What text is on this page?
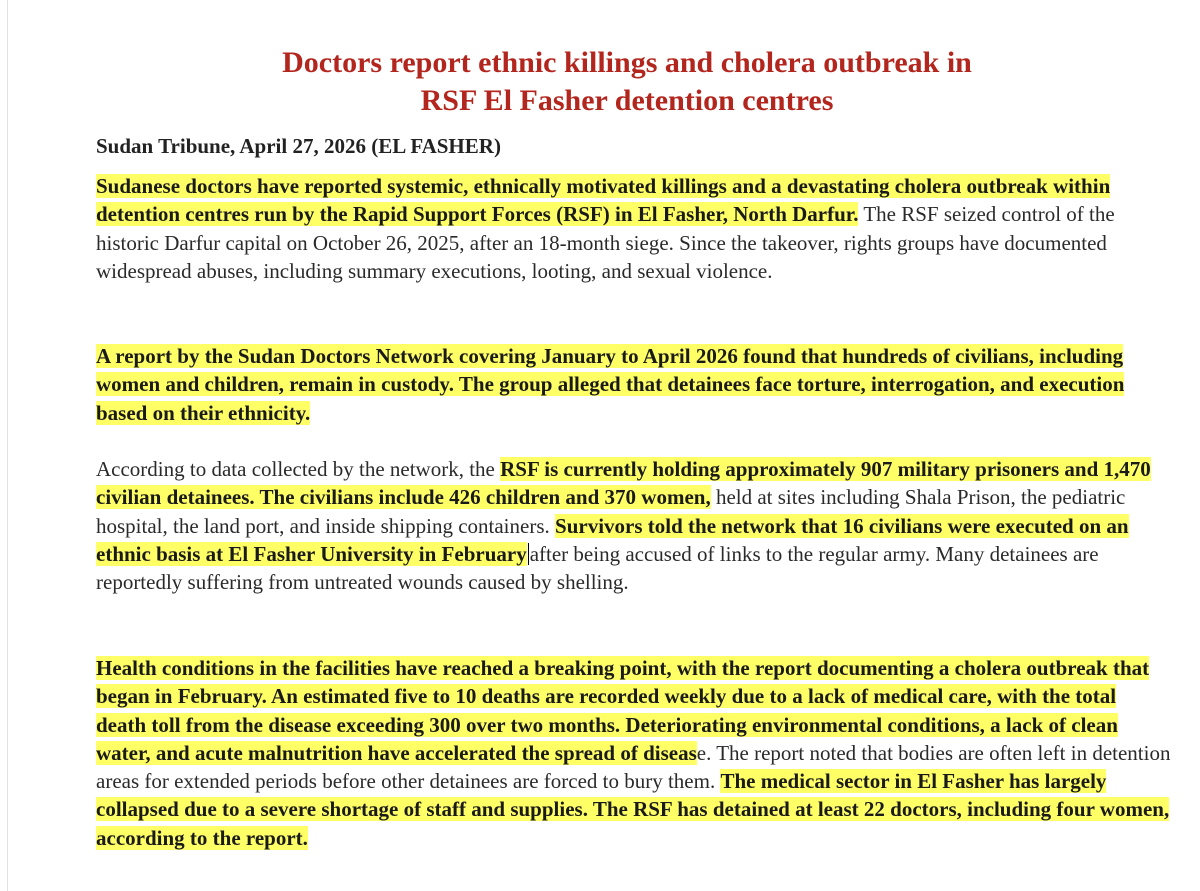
Doctors report ethnic killings and cholera outbreak in
RSF El Fasher detention centres

Sudan Tribune, April 27, 2026 (EL FASHER)

Sudanese doctors have reported systemic, ethnically motivated killings and a devastating cholera outbreak within detention centres run by the Rapid Support Forces (RSF) in El Fasher, North Darfur. The RSF seized control of the historic Darfur capital on October 26, 2025, after an 18-month siege. Since the takeover, rights groups have documented widespread abuses, including summary executions, looting, and sexual violence.

A report by the Sudan Doctors Network covering January to April 2026 found that hundreds of civilians, including women and children, remain in custody. The group alleged that detainees face torture, interrogation, and execution based on their ethnicity.

According to data collected by the network, the RSF is currently holding approximately 907 military prisoners and 1,470 civilian detainees. The civilians include 426 children and 370 women, held at sites including Shala Prison, the pediatric hospital, the land port, and inside shipping containers. Survivors told the network that 16 civilians were executed on an ethnic basis at El Fasher University in February after being accused of links to the regular army. Many detainees are reportedly suffering from untreated wounds caused by shelling.

Health conditions in the facilities have reached a breaking point, with the report documenting a cholera outbreak that began in February. An estimated five to 10 deaths are recorded weekly due to a lack of medical care, with the total death toll from the disease exceeding 300 over two months. Deteriorating environmental conditions, a lack of clean water, and acute malnutrition have accelerated the spread of disease. The report noted that bodies are often left in detention areas for extended periods before other detainees are forced to bury them. The medical sector in El Fasher has largely collapsed due to a severe shortage of staff and supplies. The RSF has detained at least 22 doctors, including four women, according to the report.
